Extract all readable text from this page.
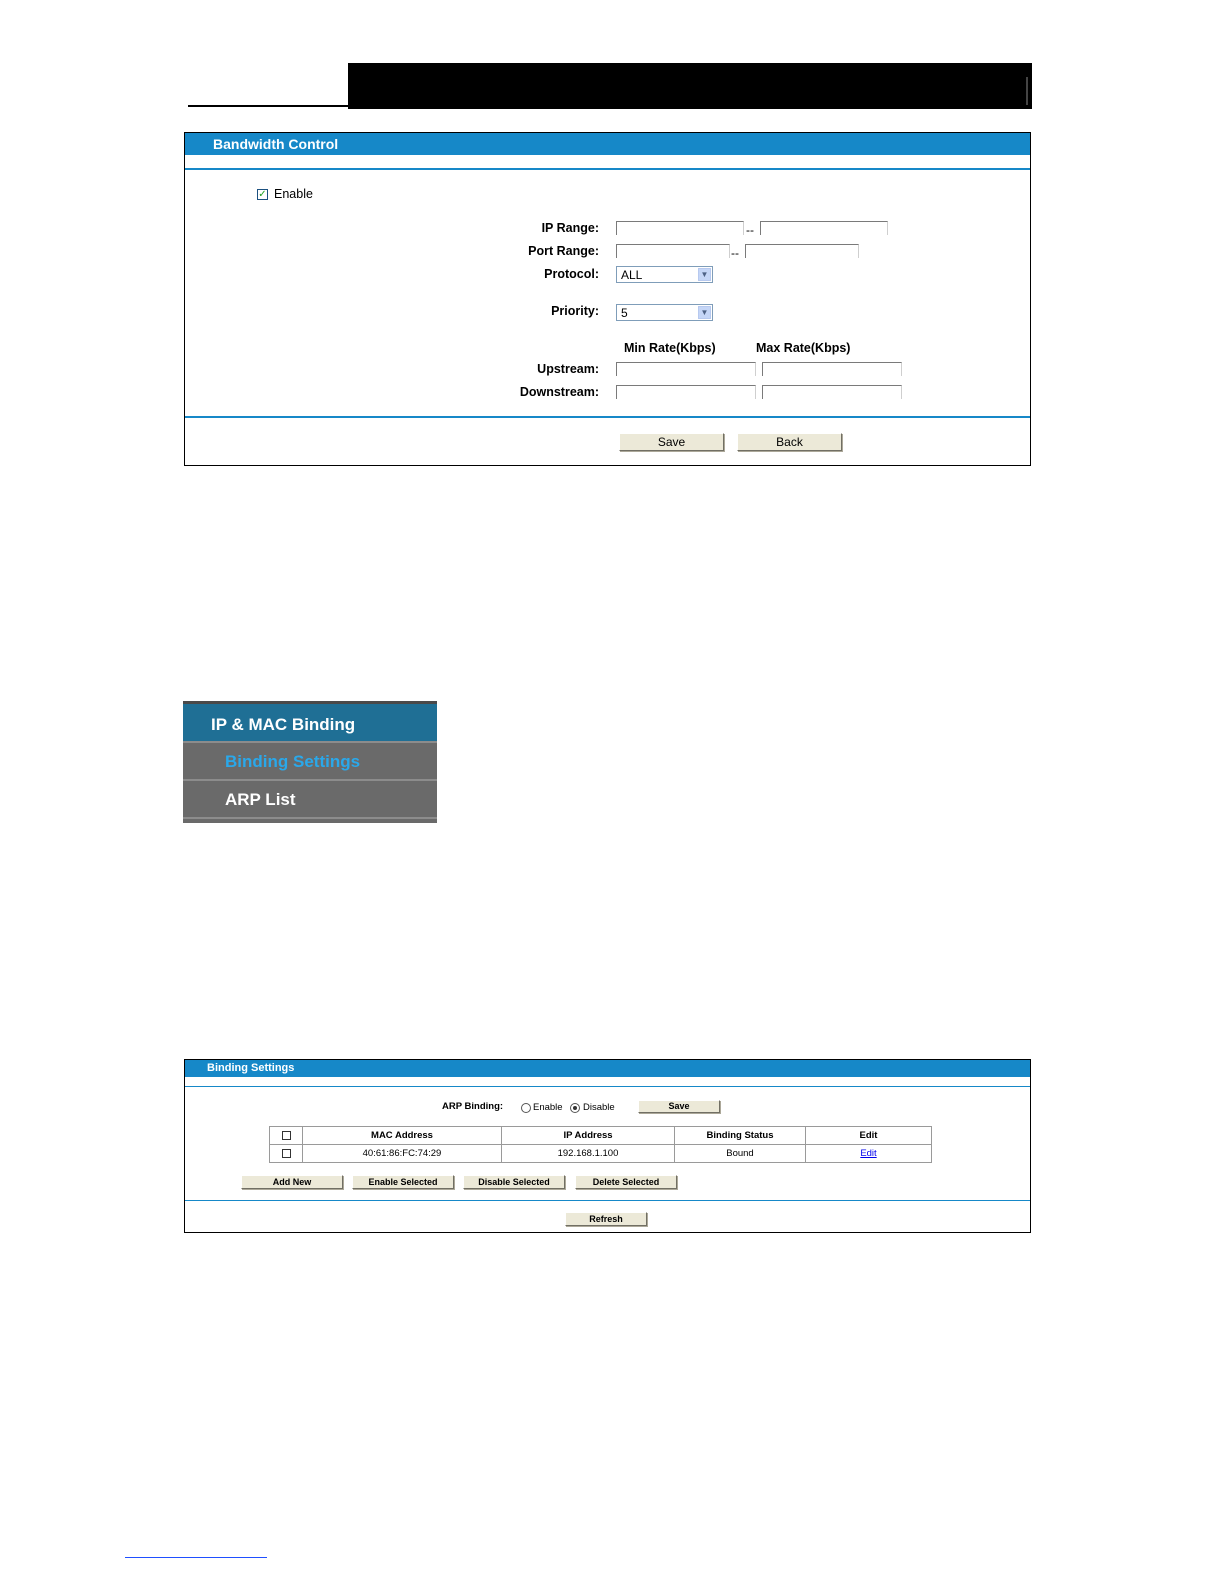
Bandwidth Control
✓ Enable
IP Range:	--
Port Range:	--
Protocol: ALL	▼
Priority: 5	▼
Min Rate(Kbps)	Max Rate(Kbps)
Upstream:
Downstream:
Save	Back
IP & MAC Binding
Binding Settings
ARP List
Binding Settings
ARP Binding:	Enable Disable	Save
	MAC Address	IP Address	Binding Status	Edit
	40:61:86:FC:74:29	192.168.1.100	Bound	Edit
Add New	Enable Selected	Disable Selected	Delete Selected
Refresh
